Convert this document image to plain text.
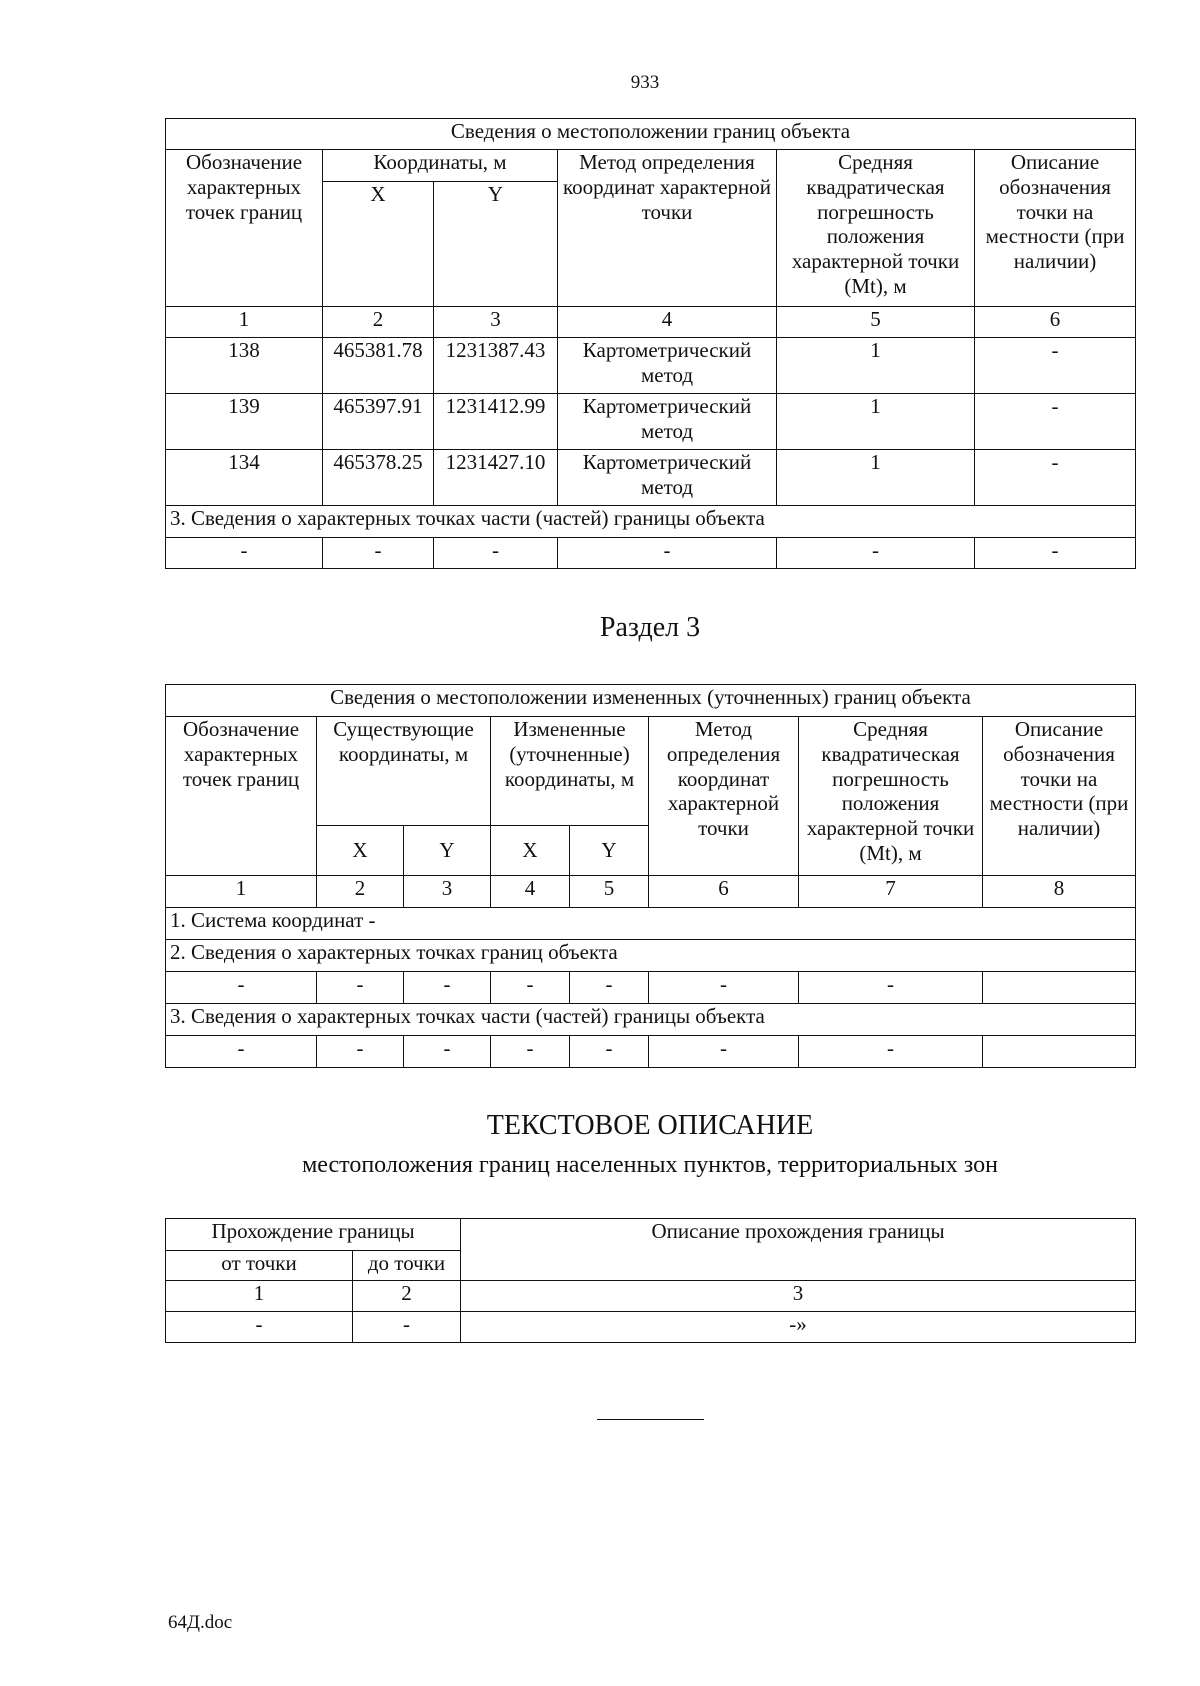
933
Сведения о местоположении границ объекта					
Обозначение характерных точек границ	Координаты, м		Метод определения координат характерной точки	Средняя квадратическая погрешность положения характерной точки (Mt), м	Описание обозначения точки на местности (при наличии)
	X	Y			
1	2	3	4	5	6
138	465381.78	1231387.43	Картометрический метод	1	-
139	465397.91	1231412.99	Картометрический метод	1	-
134	465378.25	1231427.10	Картометрический метод	1	-
3. Сведения о характерных точках части (частей) границы объекта					
-	-	-	-	-	-
Раздел 3
Сведения о местоположении измененных (уточненных) границ объекта							
Обозначение характерных точек границ	Существующие координаты, м		Измененные (уточненные) координаты, м		Метод определения координат характерной точки	Средняя квадратическая погрешность положения характерной точки (Mt), м	Описание обозначения точки на местности (при наличии)
	X	Y	X	Y			
1	2	3	4	5	6	7	8
1. Система координат -							
2. Сведения о характерных точках границ объекта							
-	-	-	-	-	-	-	
3. Сведения о характерных точках части (частей) границы объекта							
-	-	-	-	-	-	-	
ТЕКСТОВОЕ ОПИСАНИЕ
местоположения границ населенных пунктов, территориальных зон
Прохождение границы		Описание прохождения границы
от точки	до точки	
1	2	3
-	-	-»
64Д.doc
